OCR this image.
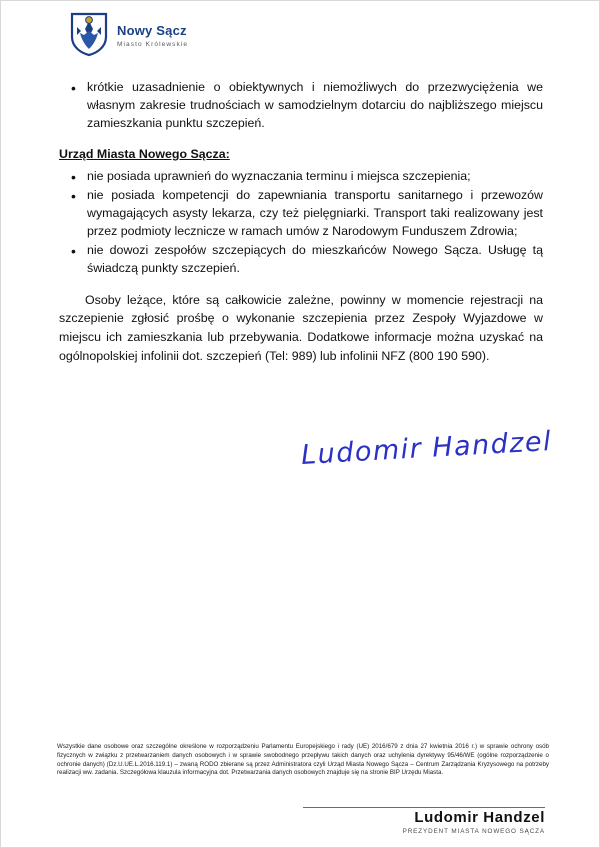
Nowy Sącz
Miasto Królewskie
• krótkie uzasadnienie o obiektywnych i niemożliwych do przezwyciężenia we własnym zakresie trudnościach w samodzielnym dotarciu do najbliższego miejscu zamieszkania punktu szczepień.
Urząd Miasta Nowego Sącza:
• nie posiada uprawnień do wyznaczania terminu i miejsca szczepienia;
• nie posiada kompetencji do zapewniania transportu sanitarnego i przewozów wymagających asysty lekarza, czy też pielęgniarki. Transport taki realizowany jest przez podmioty lecznicze w ramach umów z Narodowym Funduszem Zdrowia;
• nie dowozi zespołów szczepiących do mieszkańców Nowego Sącza. Usługę tą świadczą punkty szczepień.
Osoby leżące, które są całkowicie zależne, powinny w momencie rejestracji na szczepienie zgłosić prośbę o wykonanie szczepienia przez Zespoły Wyjazdowe w miejscu ich zamieszkania lub przebywania. Dodatkowe informacje można uzyskać na ogólnopolskiej infolinii dot. szczepień (Tel: 989) lub infolinii NFZ (800 190 590).
Ludomir Handzel
Wszystkie dane osobowe oraz szczególne określone w rozporządzeniu Parlamentu Europejskiego i rady (UE) 2016/679 z dnia 27 kwietnia 2016 r.) w sprawie ochrony osób fizycznych w związku z przetwarzaniem danych osobowych i w sprawie swobodnego przepływu takich danych oraz uchylenia dyrektywy 95/46/WE (ogólne rozporządzenie o ochronie danych) (Dz.U.UE.L.2016.119.1) – zwaną RODO zbierane są przez Administratora czyli Urząd Miasta Nowego Sącza – Centrum Zarządzania Kryzysowego na potrzeby realizacji ww. zadania. Szczegółowa klauzula informacyjna dot. Przetwarzania danych osobowych znajduje się na stronie BIP Urzędu Miasta.
Ludomir Handzel
PREZYDENT MIASTA NOWEGO SĄCZA
